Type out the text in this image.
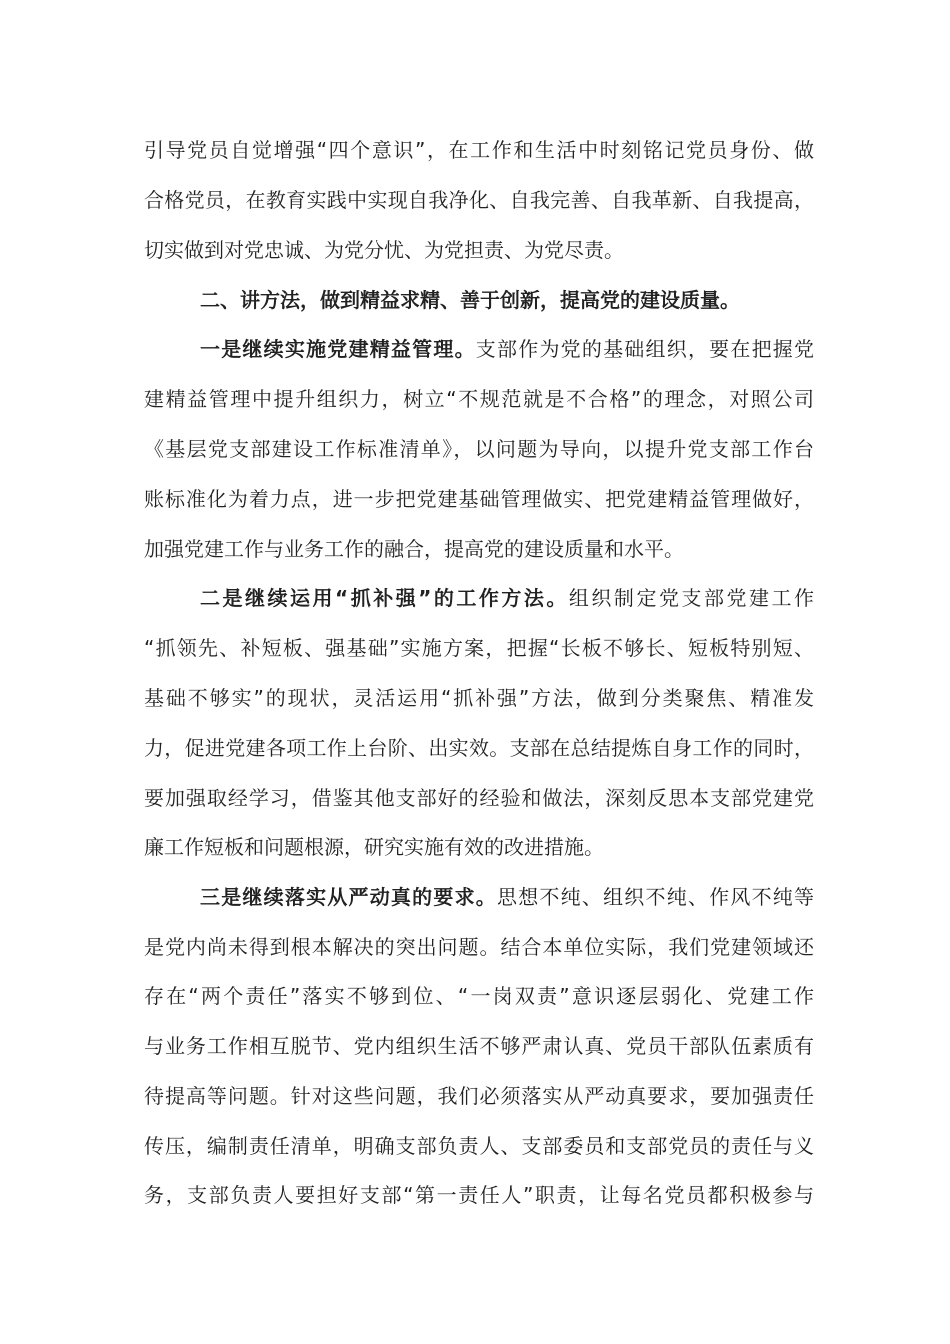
引导党员自觉增强“四个意识”，在工作和生活中时刻铭记党员身份、做
合格党员，在教育实践中实现自我净化、自我完善、自我革新、自我提高，
切实做到对党忠诚、为党分忧、为党担责、为党尽责。
二、讲方法，做到精益求精、善于创新，提高党的建设质量。
一是继续实施党建精益管理。支部作为党的基础组织，要在把握党
建精益管理中提升组织力，树立“不规范就是不合格”的理念，对照公司
《基层党支部建设工作标准清单》，以问题为导向，以提升党支部工作台
账标准化为着力点，进一步把党建基础管理做实、把党建精益管理做好，
加强党建工作与业务工作的融合，提高党的建设质量和水平。
二是继续运用“抓补强”的工作方法。组织制定党支部党建工作
“抓领先、补短板、强基础”实施方案，把握“长板不够长、短板特别短、
基础不够实”的现状，灵活运用“抓补强”方法，做到分类聚焦、精准发
力，促进党建各项工作上台阶、出实效。支部在总结提炼自身工作的同时，
要加强取经学习，借鉴其他支部好的经验和做法，深刻反思本支部党建党
廉工作短板和问题根源，研究实施有效的改进措施。
三是继续落实从严动真的要求。思想不纯、组织不纯、作风不纯等
是党内尚未得到根本解决的突出问题。结合本单位实际，我们党建领域还
存在“两个责任”落实不够到位、“一岗双责”意识逐层弱化、党建工作
与业务工作相互脱节、党内组织生活不够严肃认真、党员干部队伍素质有
待提高等问题。针对这些问题，我们必须落实从严动真要求，要加强责任
传压，编制责任清单，明确支部负责人、支部委员和支部党员的责任与义
务，支部负责人要担好支部“第一责任人”职责，让每名党员都积极参与
